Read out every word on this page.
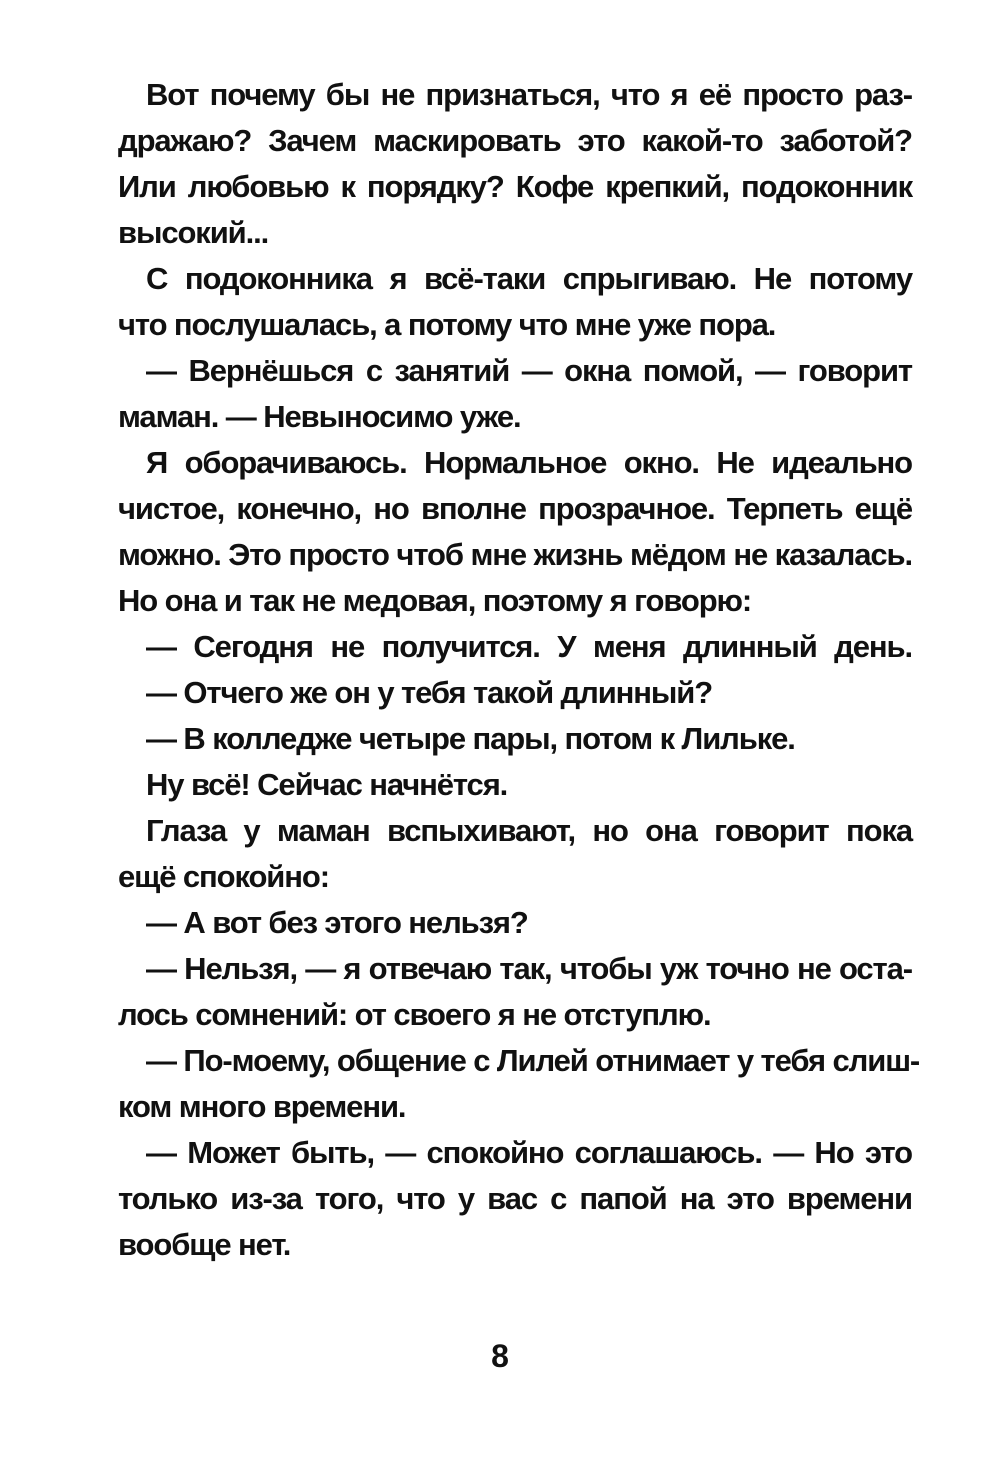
Вот почему бы не признаться, что я её просто раз-
дражаю? Зачем маскировать это какой-то заботой?
Или любовью к порядку? Кофе крепкий, подоконник
высокий...
С подоконника я всё-таки спрыгиваю. Не потому
что послушалась, а потому что мне уже пора.
— Вернёшься с занятий — окна помой, — говорит
маман. — Невыносимо уже.
Я оборачиваюсь. Нормальное окно. Не идеально
чистое, конечно, но вполне прозрачное. Терпеть ещё
можно. Это просто чтоб мне жизнь мёдом не казалась.
Но она и так не медовая, поэтому я говорю:
— Сегодня не получится. У меня длинный день.
— Отчего же он у тебя такой длинный?
— В колледже четыре пары, потом к Лильке.
Ну всё! Сейчас начнётся.
Глаза у маман вспыхивают, но она говорит пока
ещё спокойно:
— А вот без этого нельзя?
— Нельзя, — я отвечаю так, чтобы уж точно не оста-
лось сомнений: от своего я не отступлю.
— По-моему, общение с Лилей отнимает у тебя слиш-
ком много времени.
— Может быть, — спокойно соглашаюсь. — Но это
только из-за того, что у вас с папой на это времени
вообще нет.
8
